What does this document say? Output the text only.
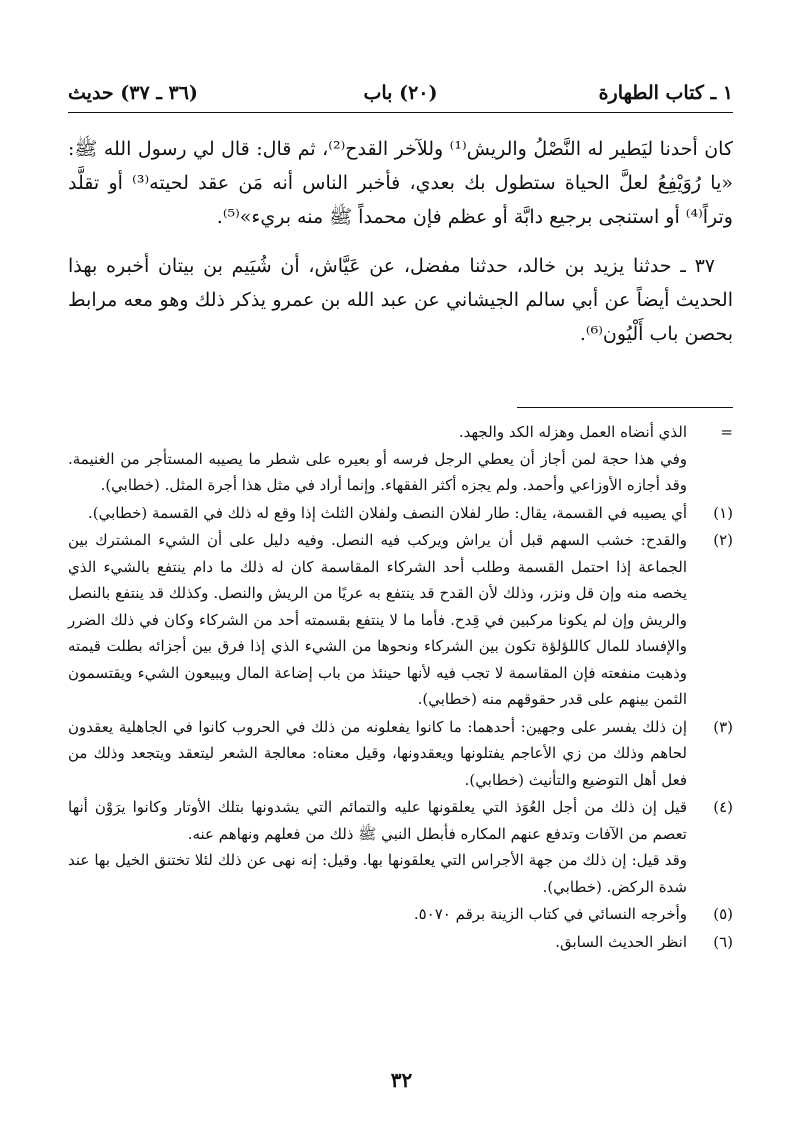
١ ـ كتاب الطهارة
(٢٠) باب
(٣٦ ـ ٣٧) حديث

كان أحدنا ليَطير له النَّصْلُ والريش⁽¹⁾ وللآخر القدح⁽²⁾، ثم قال: قال لي رسول الله ﷺ: «يا رُوَيْفِعُ لعلَّ الحياة ستطول بك بعدي، فأخبر الناس أنه مَن عقد لحيته⁽³⁾ أو تقلَّد وتراً⁽⁴⁾ أو استنجى برجيع دابَّة أو عظم فإن محمداً ﷺ منه بريء»⁽⁵⁾.

٣٧ ـ حدثنا يزيد بن خالد، حدثنا مفضل، عن عَيَّاش، أن شُيَيم بن بيتان أخبره بهذا الحديث أيضاً عن أبي سالم الجيشاني عن عبد الله بن عمرو يذكر ذلك وهو معه مرابط بحصن باب أَلْيُون⁽⁶⁾.

=

الذي أنضاه العمل وهزله الكد والجهد.

وفي هذا حجة لمن أجاز أن يعطي الرجل فرسه أو بعيره على شطر ما يصيبه المستأجر من الغنيمة. وقد أجازه الأوزاعي وأحمد. ولم يجزه أكثر الفقهاء. وإنما أراد في مثل هذا أجرة المثل. (خطابي).

(١)

أي يصيبه في القسمة، يقال: طار لفلان النصف ولفلان الثلث إذا وقع له ذلك في القسمة (خطابي).

(٢)

والقدح: خشب السهم قبل أن يراش ويركب فيه النصل. وفيه دليل على أن الشيء المشترك بين الجماعة إذا احتمل القسمة وطلب أحد الشركاء المقاسمة كان له ذلك ما دام ينتفع بالشيء الذي يخصه منه وإن قل ونزر، وذلك لأن القدح قد ينتفع به عريًا من الريش والنصل. وكذلك قد ينتفع بالنصل والريش وإن لم يكونا مركبين في قِدح. فأما ما لا ينتفع بقسمته أحد من الشركاء وكان في ذلك الضرر والإفساد للمال كاللؤلؤة تكون بين الشركاء ونحوها من الشيء الذي إذا فرق بين أجزائه بطلت قيمته وذهبت منفعته فإن المقاسمة لا تجب فيه لأنها حينئذ من باب إضاعة المال ويبيعون الشيء ويقتسمون الثمن بينهم على قدر حقوقهم منه (خطابي).

(٣)

إن ذلك يفسر على وجهين: أحدهما: ما كانوا يفعلونه من ذلك في الحروب كانوا في الجاهلية يعقدون لحاهم وذلك من زي الأعاجم يفتلونها ويعقدونها، وقيل معناه: معالجة الشعر ليتعقد ويتجعد وذلك من فعل أهل التوضيع والتأنيث (خطابي).

(٤)

قيل إن ذلك من أجل العُوَذ التي يعلقونها عليه والتمائم التي يشدونها بتلك الأوتار وكانوا يرَوْن أنها تعصم من الآفات وتدفع عنهم المكاره فأبطل النبي ﷺ ذلك من فعلهم ونهاهم عنه.

وقد قيل: إن ذلك من جهة الأجراس التي يعلقونها بها. وقيل: إنه نهى عن ذلك لئلا تختنق الخيل بها عند شدة الركض. (خطابي).

(٥)

وأخرجه النسائي في كتاب الزينة برقم ٥٠٧٠.

(٦)

انظر الحديث السابق.

٣٢
